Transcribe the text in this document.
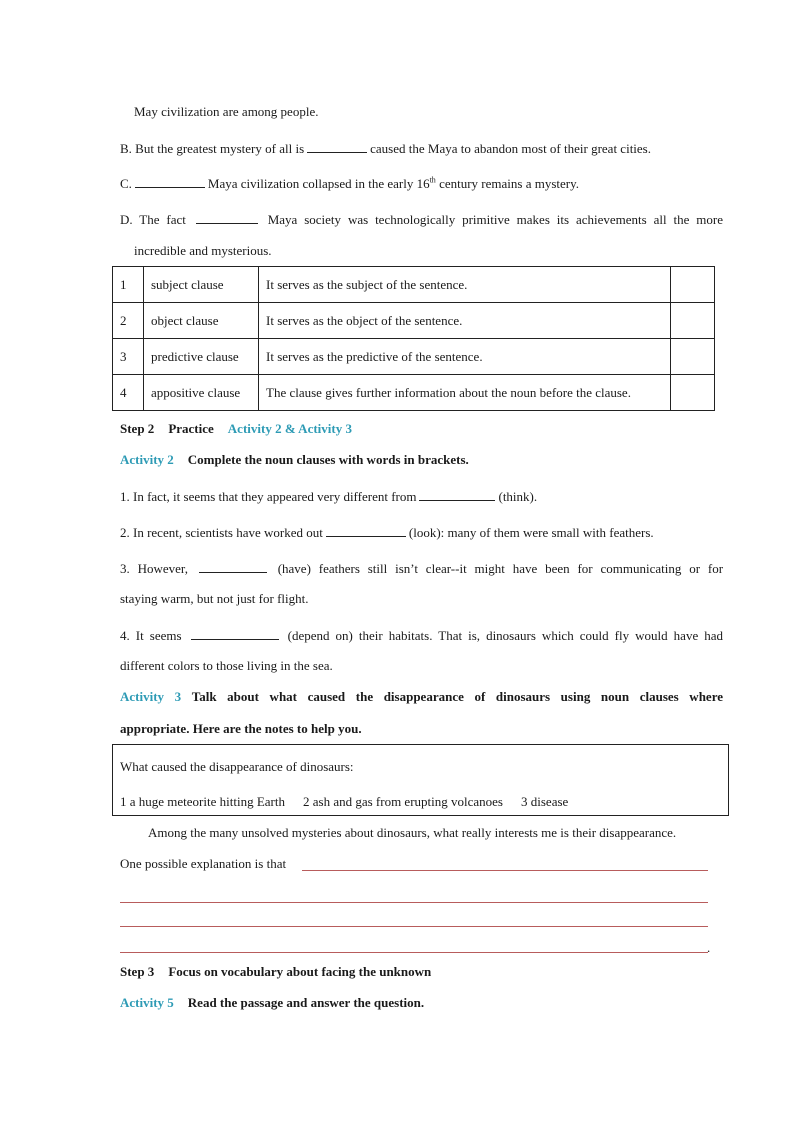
May civilization are among people.
B. But the greatest mystery of all is	caused the Maya to abandon most of their great cities.
C.	Maya civilization collapsed in the early 16th century remains a mystery.
D. The fact	Maya society was technologically primitive makes its achievements all the more
incredible and mysterious.
1	subject clause	It serves as the subject of the sentence.	
2	object clause	It serves as the object of the sentence.	
3	predictive clause	It serves as the predictive of the sentence.	
4	appositive clause	The clause gives further information about the noun before the clause.	
Step 2 Practice Activity 2 & Activity 3
Activity 2 Complete the noun clauses with words in brackets.
1. In fact, it seems that they appeared very different from	(think).
2. In recent, scientists have worked out	(look): many of them were small with feathers.
3. However,	(have) feathers still isn’t clear--it might have been for communicating or for
staying warm, but not just for flight.
4. It seems	(depend on) their habitats. That is, dinosaurs which could fly would have had
different colors to those living in the sea.
Activity 3 Talk about what caused the disappearance of dinosaurs using noun clauses where
appropriate. Here are the notes to help you.
What caused the disappearance of dinosaurs:
1 a huge meteorite hitting Earth 2 ash and gas from erupting volcanoes 3 disease
Among the many unsolved mysteries about dinosaurs, what really interests me is their disappearance.
One possible explanation is that
.
Step 3 Focus on vocabulary about facing the unknown
Activity 5 Read the passage and answer the question.
